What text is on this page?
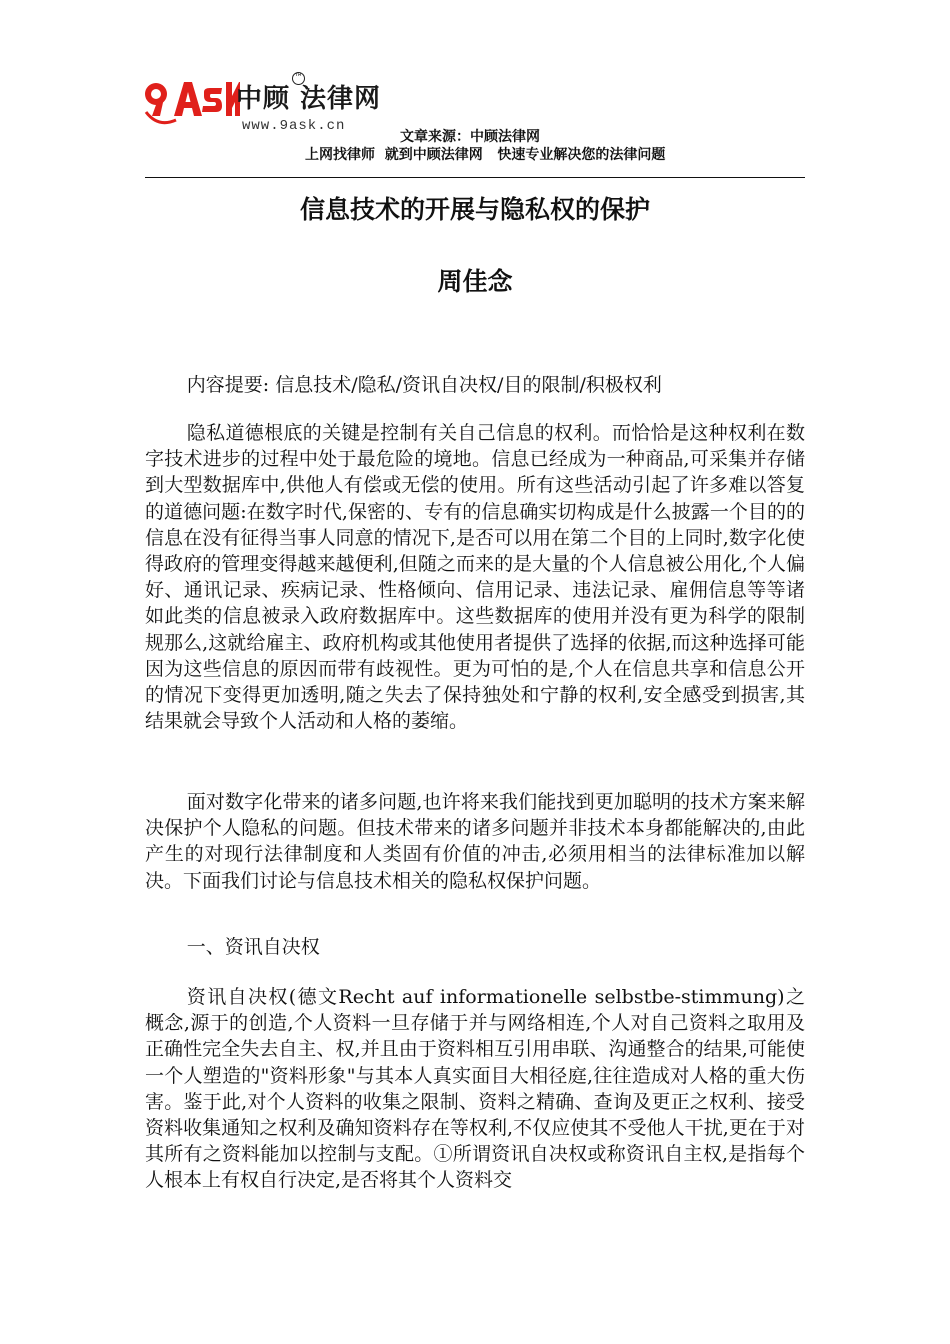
中顾 法律网
™
www.9ask.cn
文章来源：中顾法律网
上网找律师  就到中顾法律网   快速专业解决您的法律问题
信息技术的开展与隐私权的保护
周佳念

内容提要: 信息技术/隐私/资讯自决权/目的限制/积极权利

隐私道德根底的关键是控制有关自己信息的权利。而恰恰是这种权利在数字技术进步的过程中处于最危险的境地。信息已经成为一种商品,可采集并存储到大型数据库中,供他人有偿或无偿的使用。所有这些活动引起了许多难以答复的道德问题:在数字时代,保密的、专有的信息确实切构成是什么披露一个目的的信息在没有征得当事人同意的情况下,是否可以用在第二个目的上同时,数字化使得政府的管理变得越来越便利,但随之而来的是大量的个人信息被公用化,个人偏好、通讯记录、疾病记录、性格倾向、信用记录、违法记录、雇佣信息等等诸如此类的信息被录入政府数据库中。这些数据库的使用并没有更为科学的限制规那么,这就给雇主、政府机构或其他使用者提供了选择的依据,而这种选择可能因为这些信息的原因而带有歧视性。更为可怕的是,个人在信息共享和信息公开的情况下变得更加透明,随之失去了保持独处和宁静的权利,安全感受到损害,其结果就会导致个人活动和人格的萎缩。

面对数字化带来的诸多问题,也许将来我们能找到更加聪明的技术方案来解决保护个人隐私的问题。但技术带来的诸多问题并非技术本身都能解决的,由此产生的对现行法律制度和人类固有价值的冲击,必须用相当的法律标准加以解决。下面我们讨论与信息技术相关的隐私权保护问题。

一、资讯自决权

资讯自决权(德文Recht auf informationelle selbstbe-stimmung)之概念,源于的创造,个人资料一旦存储于并与网络相连,个人对自己资料之取用及正确性完全失去自主、权,并且由于资料相互引用串联、沟通整合的结果,可能使一个人塑造的"资料形象"与其本人真实面目大相径庭,往往造成对人格的重大伤害。鉴于此,对个人资料的收集之限制、资料之精确、查询及更正之权利、接受资料收集通知之权利及确知资料存在等权利,不仅应使其不受他人干扰,更在于对其所有之资料能加以控制与支配。①所谓资讯自决权或称资讯自主权,是指每个人根本上有权自行决定,是否将其个人资料交
